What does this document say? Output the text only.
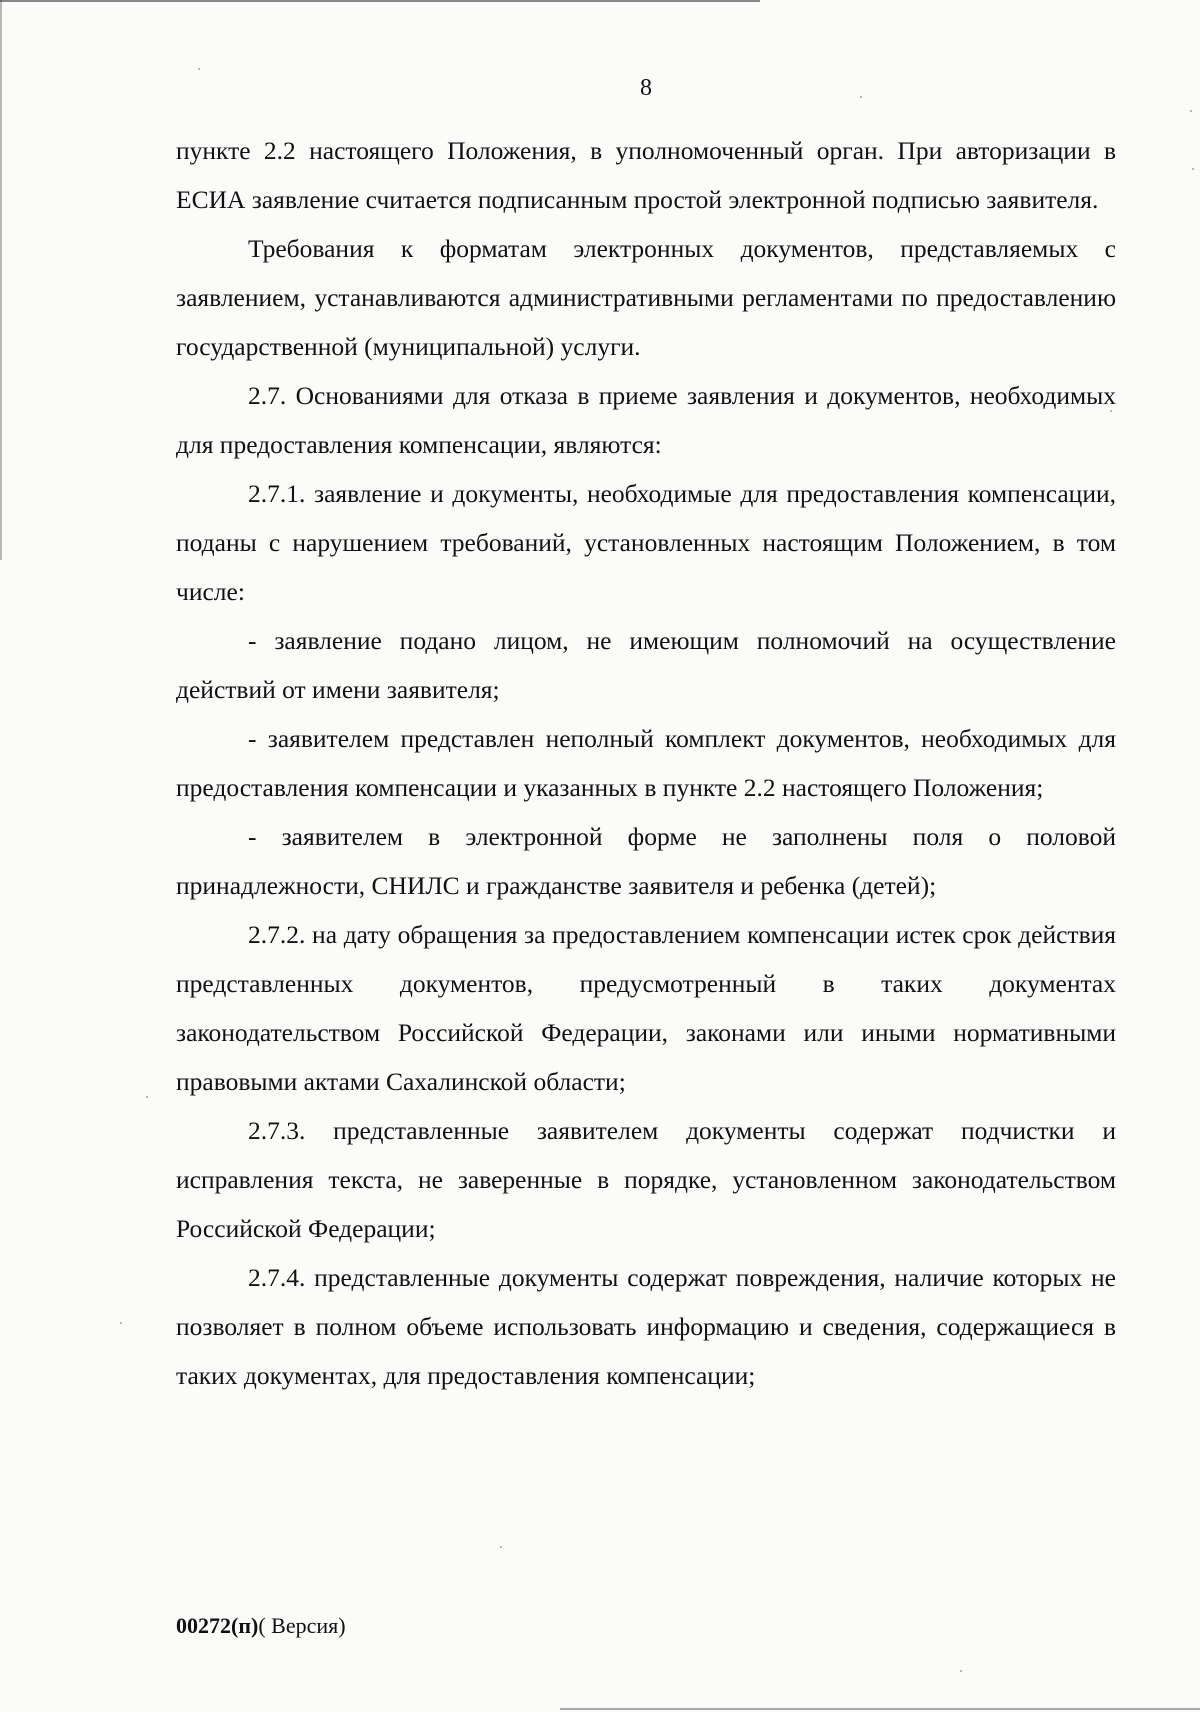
8

пункте 2.2 настоящего Положения, в уполномоченный орган. При авторизации в ЕСИА заявление считается подписанным простой электронной подписью заявителя.

Требования к форматам электронных документов, представляемых с заявлением, устанавливаются административными регламентами по предоставлению государственной (муниципальной) услуги.

2.7. Основаниями для отказа в приеме заявления и документов, необходимых для предоставления компенсации, являются:

2.7.1. заявление и документы, необходимые для предоставления компенсации, поданы с нарушением требований, установленных настоящим Положением, в том числе:

- заявление подано лицом, не имеющим полномочий на осуществление действий от имени заявителя;

- заявителем представлен неполный комплект документов, необходимых для предоставления компенсации и указанных в пункте 2.2 настоящего Положения;

- заявителем в электронной форме не заполнены поля о половой принадлежности, СНИЛС и гражданстве заявителя и ребенка (детей);

2.7.2. на дату обращения за предоставлением компенсации истек срок действия представленных документов, предусмотренный в таких документах законодательством Российской Федерации, законами или иными нормативными правовыми актами Сахалинской области;

2.7.3. представленные заявителем документы содержат подчистки и исправления текста, не заверенные в порядке, установленном законодательством Российской Федерации;

2.7.4. представленные документы содержат повреждения, наличие которых не позволяет в полном объеме использовать информацию и сведения, содержащиеся в таких документах, для предоставления компенсации;

00272(п)( Версия)
